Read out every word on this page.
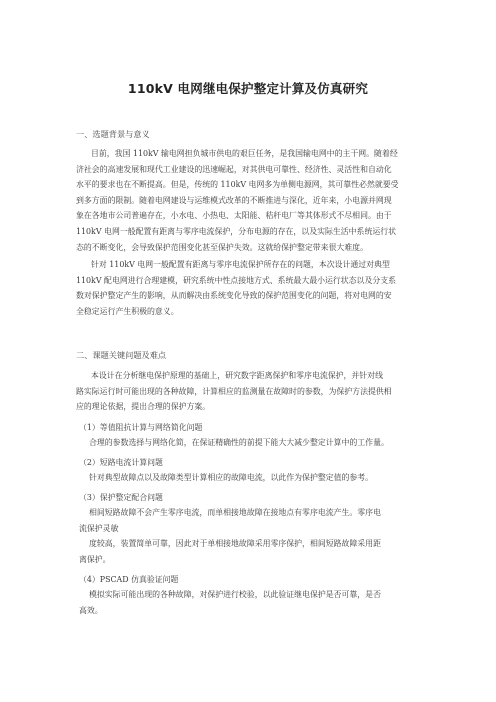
110kV 电网继电保护整定计算及仿真研究
一、选题背景与意义
目前，我国 110kV 输电网担负城市供电的艰巨任务，是我国输电网中的主干网。随着经
济社会的高速发展和现代工业建设的迅速崛起，对其供电可靠性、经济性、灵活性和自动化
水平的要求也在不断提高。但是，传统的 110kV 电网多为单侧电源网，其可靠性必然就要受
到多方面的限制。随着电网建设与运维模式改革的不断推进与深化，近年来，小电源并网现
象在各地市公司普遍存在，小水电、小热电、太阳能、秸秆电厂等其体形式不尽相同。由于
110kV 电网一般配置有距离与零序电流保护，分布电源的存在，以及实际生活中系统运行状
态的不断变化，会导致保护范围变化甚至保护失效。这就给保护整定带来很大难度。
针对 110kV 电网一般配置有距离与零序电流保护所存在的问题，本次设计通过对典型
110kV 配电网进行合理建模，研究系统中性点接地方式、系统最大最小运行状态以及分支系
数对保护整定产生的影响，从而解决由系统变化导致的保护范围变化的问题，将对电网的安
全稳定运行产生积极的意义。
二、课题关键问题及难点
本设计在分析继电保护原理的基础上，研究数字距离保护和零序电流保护，并针对线
路实际运行时可能出现的各种故障，计算相应的监测量在故障时的参数，为保护方法提供相
应的理论依据，提出合理的保护方案。
（1）等值阻抗计算与网络简化问题
合理的参数选择与网络化简，在保证精确性的前提下能大大减少整定计算中的工作量。
（2）短路电流计算问题
针对典型故障点以及故障类型计算相应的故障电流，以此作为保护整定值的参考。
（3）保护整定配合问题
相间短路故障不会产生零序电流，而单相接地故障在接地点有零序电流产生。零序电
流保护灵敏
度较高，装置简单可靠，因此对于单相接地故障采用零序保护，相间短路故障采用距
离保护。
（4）PSCAD 仿真验证问题
模拟实际可能出现的各种故障，对保护进行校验，以此验证继电保护是否可靠，是否
高效。
